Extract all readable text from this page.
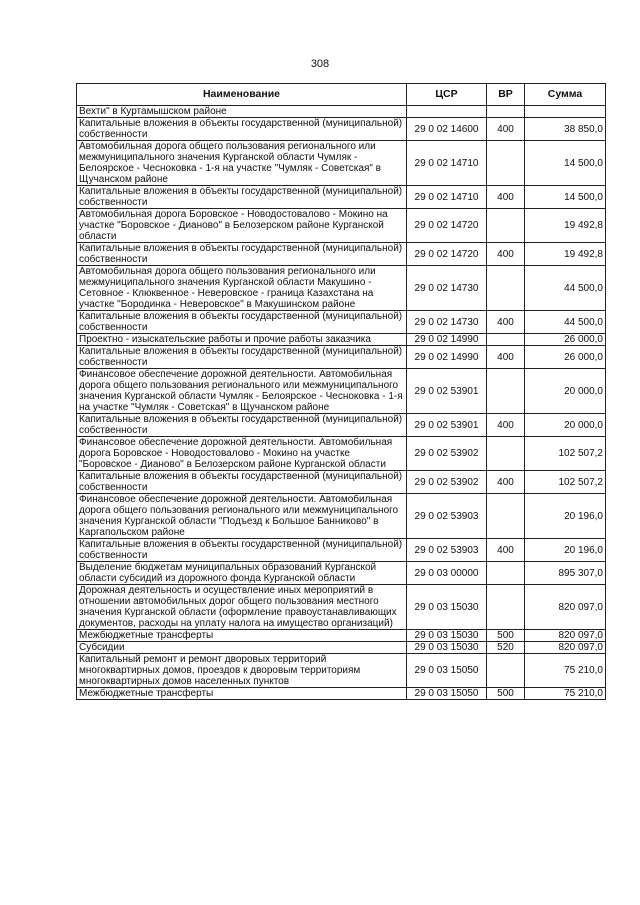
308
Наименование	ЦСР	ВР	Сумма
Вехти" в Куртамышском районе			
Капитальные вложения в объекты государственной (муниципальной) собственности	29 0 02 14600	400	38 850,0
Автомобильная дорога общего пользования регионального или межмуниципального значения Курганской области Чумляк - Белоярское - Чесноковка - 1-я на участке "Чумляк - Советская" в Щучанском районе	29 0 02 14710		14 500,0
Капитальные вложения в объекты государственной (муниципальной) собственности	29 0 02 14710	400	14 500,0
Автомобильная дорога Боровское - Новодостовалово - Мокино на участке "Боровское - Дианово" в Белозерском районе Курганской области	29 0 02 14720		19 492,8
Капитальные вложения в объекты государственной (муниципальной) собственности	29 0 02 14720	400	19 492,8
Автомобильная дорога общего пользования регионального или межмуниципального значения Курганской области Макушино - Сетовное - Клюквенное - Неверовское - граница Казахстана на участке "Бородинка - Неверовское" в Макушинском районе	29 0 02 14730		44 500,0
Капитальные вложения в объекты государственной (муниципальной) собственности	29 0 02 14730	400	44 500,0
Проектно - изыскательские работы и прочие работы заказчика	29 0 02 14990		26 000,0
Капитальные вложения в объекты государственной (муниципальной) собственности	29 0 02 14990	400	26 000,0
Финансовое обеспечение дорожной деятельности. Автомобильная дорога общего пользования регионального или межмуниципального значения Курганской области Чумляк - Белоярское - Чесноковка - 1-я на участке "Чумляк - Советская" в Щучанском районе	29 0 02 53901		20 000,0
Капитальные вложения в объекты государственной (муниципальной) собственности	29 0 02 53901	400	20 000,0
Финансовое обеспечение дорожной деятельности. Автомобильная дорога Боровское - Новодостовалово - Мокино на участке "Боровское - Дианово" в Белозерском районе Курганской области	29 0 02 53902		102 507,2
Капитальные вложения в объекты государственной (муниципальной) собственности	29 0 02 53902	400	102 507,2
Финансовое обеспечение дорожной деятельности. Автомобильная дорога общего пользования регионального или межмуниципального значения Курганской области "Подъезд к Большое Банниково" в Каргапольском районе	29 0 02 53903		20 196,0
Капитальные вложения в объекты государственной (муниципальной) собственности	29 0 02 53903	400	20 196,0
Выделение бюджетам муниципальных образований Курганской области субсидий из дорожного фонда Курганской области	29 0 03 00000		895 307,0
Дорожная деятельность и осуществление иных мероприятий в отношении автомобильных дорог общего пользования местного значения Курганской области (оформление правоустанавливающих документов, расходы на уплату налога на имущество организаций)	29 0 03 15030		820 097,0
Межбюджетные трансферты	29 0 03 15030	500	820 097,0
Субсидии	29 0 03 15030	520	820 097,0
Капитальный ремонт и ремонт дворовых территорий многоквартирных домов, проездов к дворовым территориям многоквартирных домов населенных пунктов	29 0 03 15050		75 210,0
Межбюджетные трансферты	29 0 03 15050	500	75 210,0
